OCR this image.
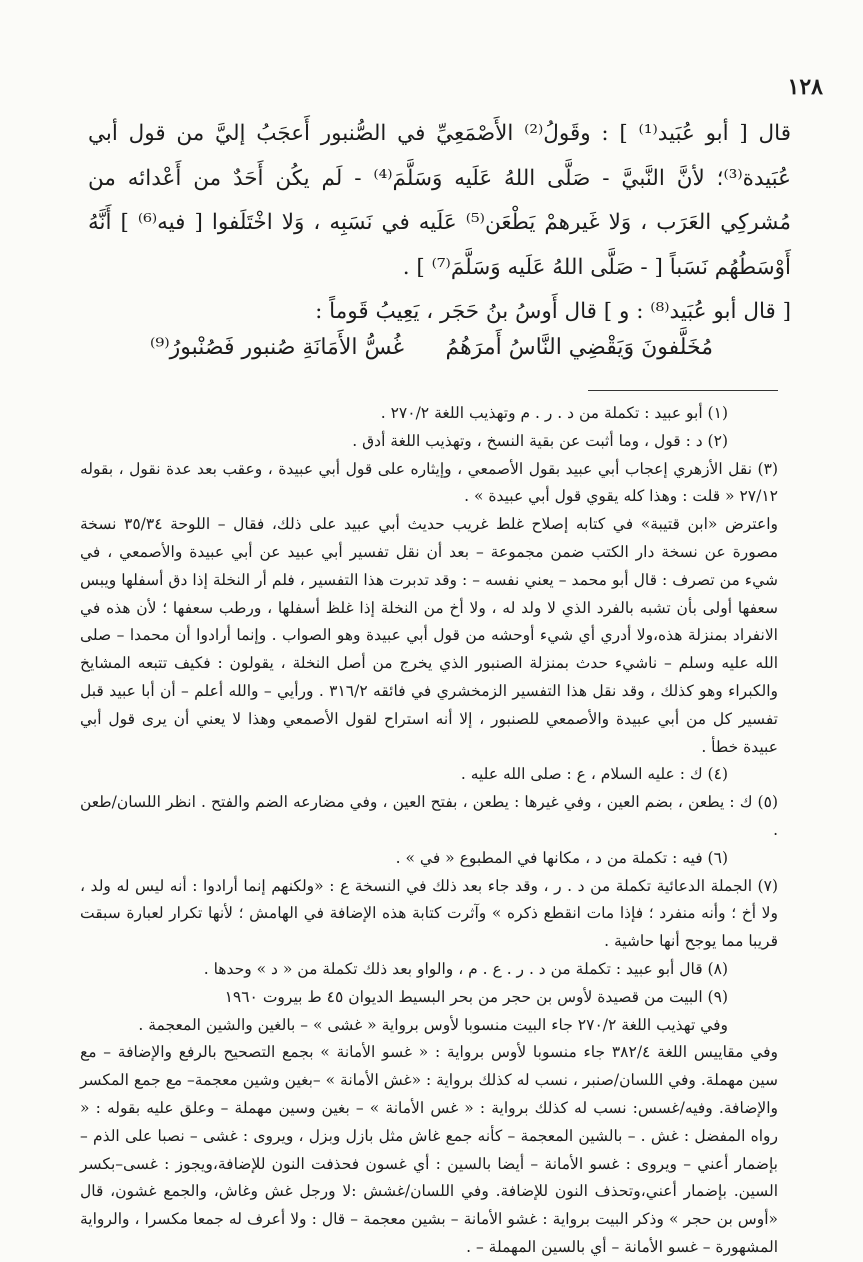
١٢٨

قال [ أبو عُبَيد⁽¹⁾ ] : وقَولُ⁽²⁾ الأَصْمَعِيِّ في الصُّنبور أَعجَبُ إليَّ من قول أبي عُبَيدة⁽³⁾؛ لأنَّ النَّبيَّ - صَلَّى اللهُ عَلَيه وَسَلَّمَ⁽⁴⁾ - لَم يكُن أَحَدٌ من أَعْدائه من مُشركِي العَرَب ، وَلا غَيرهمْ يَطْعَن⁽⁵⁾ عَلَيه في نَسَبِه ، وَلا اخْتَلَفوا [ فيه⁽⁶⁾ ] أَنَّهُ أَوْسَطُهُم نَسَباً [ - صَلَّى اللهُ عَلَيه وَسَلَّمَ⁽⁷⁾ ] .

[ قال أبو عُبَيد⁽⁸⁾ : و ] قال أَوسُ بنُ حَجَر ، يَعِيبُ قَوماً :

مُخَلَّفونَ وَيَقْضِي النَّاسُ أَمرَهُمُ
غُسُّ الأَمَانَةِ صُنبور فَصُنْبورُ⁽⁹⁾

(١) أبو عبيد : تكملة من د . ر . م وتهذيب اللغة ٢٧٠/٢ .

(٢) د : قول ، وما أثبت عن بقية النسخ ، وتهذيب اللغة أدق .

(٣) نقل الأزهري إعجاب أبي عبيد بقول الأصمعي ، وإيثاره على قول أبي عبيدة ، وعقب بعد عدة نقول ، بقوله ٢٧/١٢ « قلت : وهذا كله يقوي قول أبي عبيدة » .

واعترض «ابن قتيبة» في كتابه إصلاح غلط غريب حديث أبي عبيد على ذلك، فقال – اللوحة ٣٥/٣٤ نسخة مصورة عن نسخة دار الكتب ضمن مجموعة – بعد أن نقل تفسير أبي عبيد عن أبي عبيدة والأصمعي ، في شيء من تصرف : قال أبو محمد – يعني نفسه – : وقد تدبرت هذا التفسير ، فلم أر النخلة إذا دق أسفلها ويبس سعفها أولى بأن تشبه بالفرد الذي لا ولد له ، ولا أخ من النخلة إذا غلظ أسفلها ، ورطب سعفها ؛ لأن هذه في الانفراد بمنزلة هذه،ولا أدري أي شيء أوحشه من قول أبي عبيدة وهو الصواب . وإنما أرادوا أن محمدا – صلى الله عليه وسلم – ناشيء حدث بمنزلة الصنبور الذي يخرج من أصل النخلة ، يقولون : فكيف تتبعه المشايخ والكبراء وهو كذلك ، وقد نقل هذا التفسير الزمخشري في فائقه ٣١٦/٢ . ورأيي – والله أعلم – أن أبا عبيد قبل تفسير كل من أبي عبيدة والأصمعي للصنبور ، إلا أنه استراح لقول الأصمعي وهذا لا يعني أن يرى قول أبي عبيدة خطأ .

(٤) ك : عليه السلام ، ع : صلى الله عليه .

(٥) ك : يطعن ، بضم العين ، وفي غيرها : يطعن ، بفتح العين ، وفي مضارعه الضم والفتح . انظر اللسان/طعن .

(٦) فيه : تكملة من د ، مكانها في المطبوع « في » .

(٧) الجملة الدعائية تكملة من د . ر ، وقد جاء بعد ذلك في النسخة ع : «ولكنهم إنما أرادوا : أنه ليس له ولد ، ولا أخ ؛ وأنه منفرد ؛ فإذا مات انقطع ذكره » وآثرت كتابة هذه الإضافة في الهامش ؛ لأنها تكرار لعبارة سبقت قريبا مما يوجح أنها حاشية .

(٨) قال أبو عبيد : تكملة من د . ر . ع . م ، والواو بعد ذلك تكملة من « د » وحدها .

(٩) البيت من قصيدة لأوس بن حجر من بحر البسيط الديوان ٤٥ ط بيروت ١٩٦٠

وفي تهذيب اللغة ٢٧٠/٢ جاء البيت منسوبا لأوس برواية « غشى » – بالغين والشين المعجمة .

وفي مقاييس اللغة ٣٨٢/٤ جاء منسوبا لأوس برواية : « غسو الأمانة » بجمع التصحيح بالرفع والإضافة – مع سين مهملة. وفي اللسان/صنبر ، نسب له كذلك برواية : «غش الأمانة » –بغين وشين معجمة– مع جمع المكسر والإضافة. وفيه/غسس: نسب له كذلك برواية : « غس الأمانة » – بغين وسين مهملة – وعلق عليه بقوله : « رواه المفضل : غش . – بالشين المعجمة – كأنه جمع غاش مثل بازل وبزل ، ويروى : غشى – نصبا على الذم – بإضمار أعني – ويروى : غسو الأمانة – أيضا بالسين : أي غسون فحذفت النون للإضافة،ويجوز : غسى–بكسر السين. بإضمار أعني،وتحذف النون للإضافة. وفي اللسان/غشش :لا ورجل غش وغاش، والجمع غشون، قال «أوس بن حجر » وذكر البيت برواية : غشو الأمانة – بشين معجمة – قال : ولا أعرف له جمعا مكسرا ، والرواية المشهورة – غسو الأمانة – أي بالسين المهملة – .
